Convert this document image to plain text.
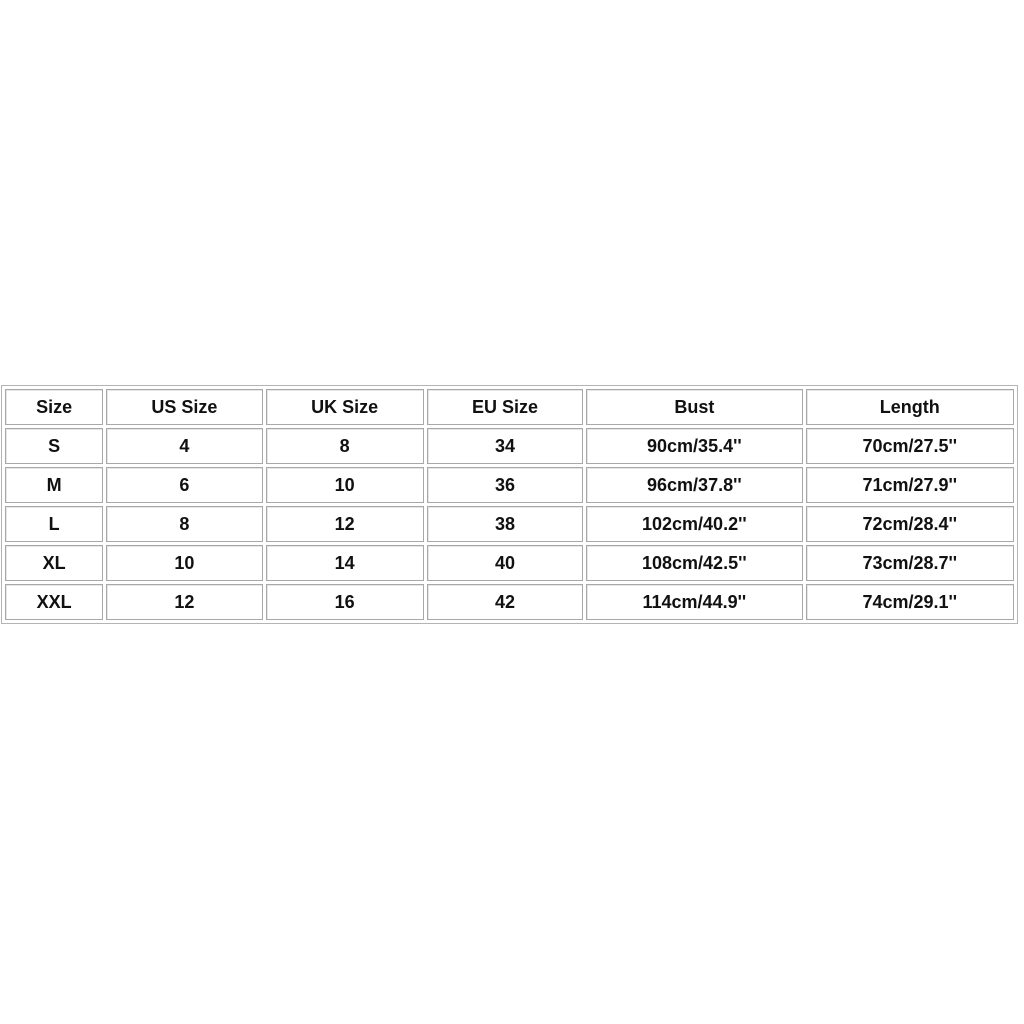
Size	US Size	UK Size	EU Size	Bust	Length
S	4	8	34	90cm/35.4''	70cm/27.5''
M	6	10	36	96cm/37.8''	71cm/27.9''
L	8	12	38	102cm/40.2''	72cm/28.4''
XL	10	14	40	108cm/42.5''	73cm/28.7''
XXL	12	16	42	114cm/44.9''	74cm/29.1''
